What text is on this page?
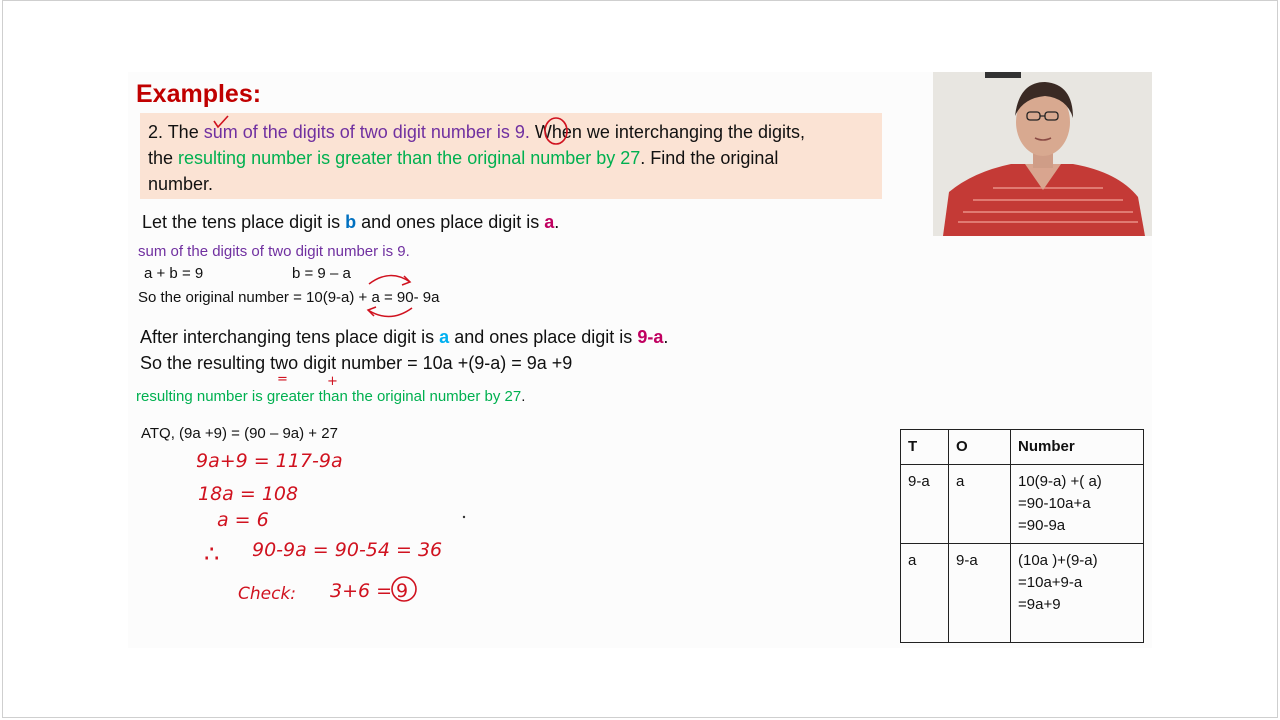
Examples:
2. The sum of the digits of two digit number is 9. When we interchanging the digits,
the resulting number is greater than the original number by 27. Find the original
number.
Let the tens place digit is b and ones place digit is a.
sum of the digits of two digit number is 9.
a + b = 9	b = 9 – a
So the original number = 10(9-a) + a = 90- 9a
After interchanging tens place digit is a and ones place digit is 9-a.
So the resulting two digit number = 10a +(9-a) = 9a +9
resulting number is greater than the original number by 27.
ATQ, (9a +9) = (90 – 9a) + 27
9a+9 = 117-9a
18a = 108
a = 6
∴ 90-9a = 90-54 = 36
Check: 3+6 = 9
=	+
T	O	Number
9-a	a	10(9-a) +( a)
=90-10a+a
=90-9a

a	9-a	(10a )+(9-a)
=10a+9-a
=9a+9
